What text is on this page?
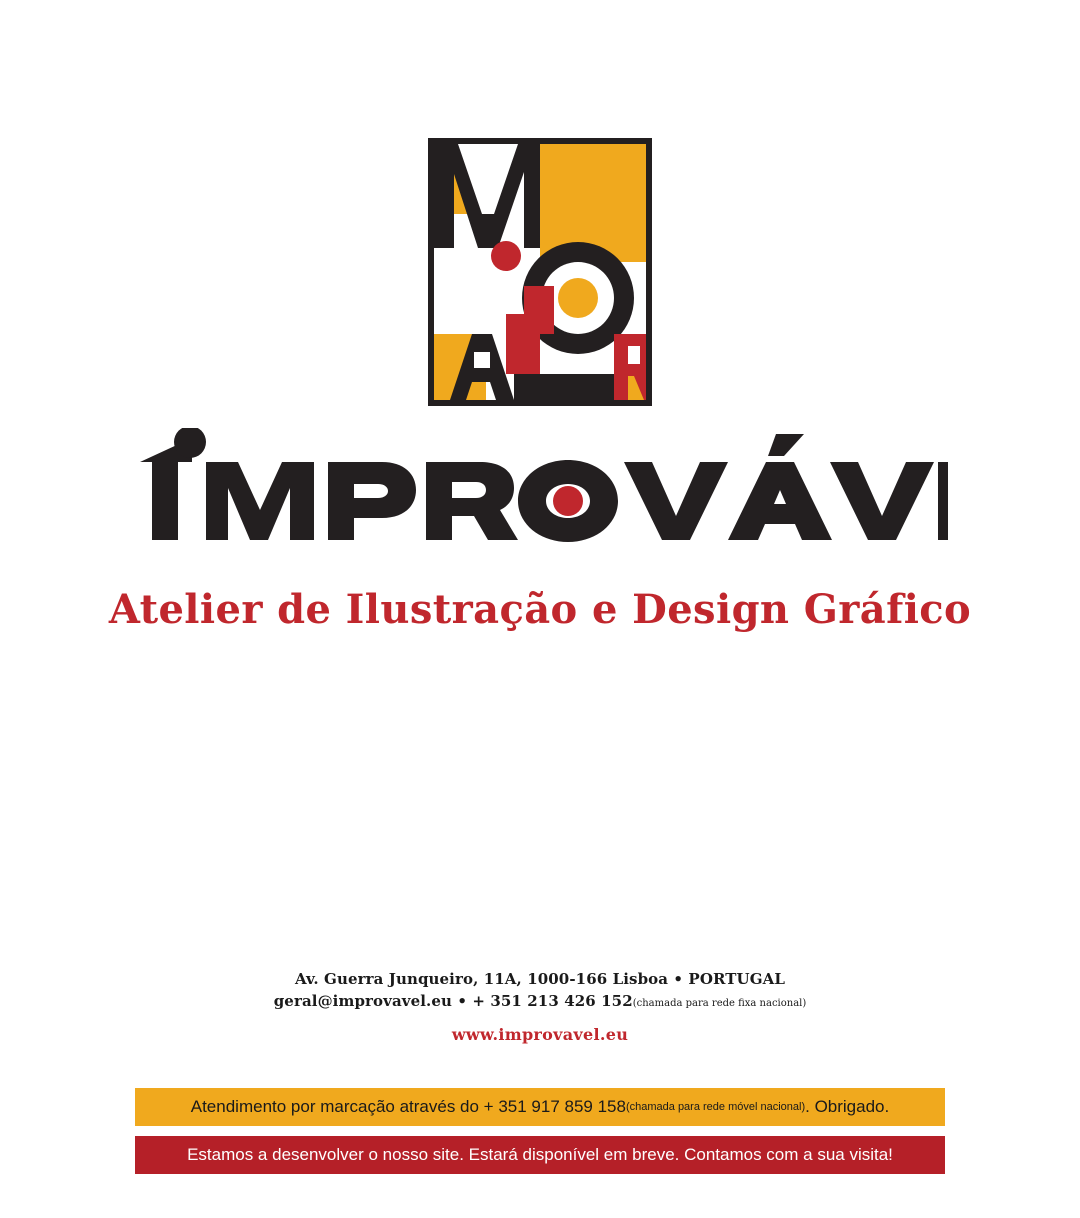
Atelier de Ilustração e Design Gráfico
Av. Guerra Junqueiro, 11A, 1000-166 Lisboa • PORTUGAL
geral@improvavel.eu • + 351 213 426 152(chamada para rede fixa nacional)
www.improvavel.eu
Atendimento por marcação através do + 351 917 859 158 (chamada para rede móvel nacional) . Obrigado.
Estamos a desenvolver o nosso site. Estará disponível em breve. Contamos com a sua visita!
